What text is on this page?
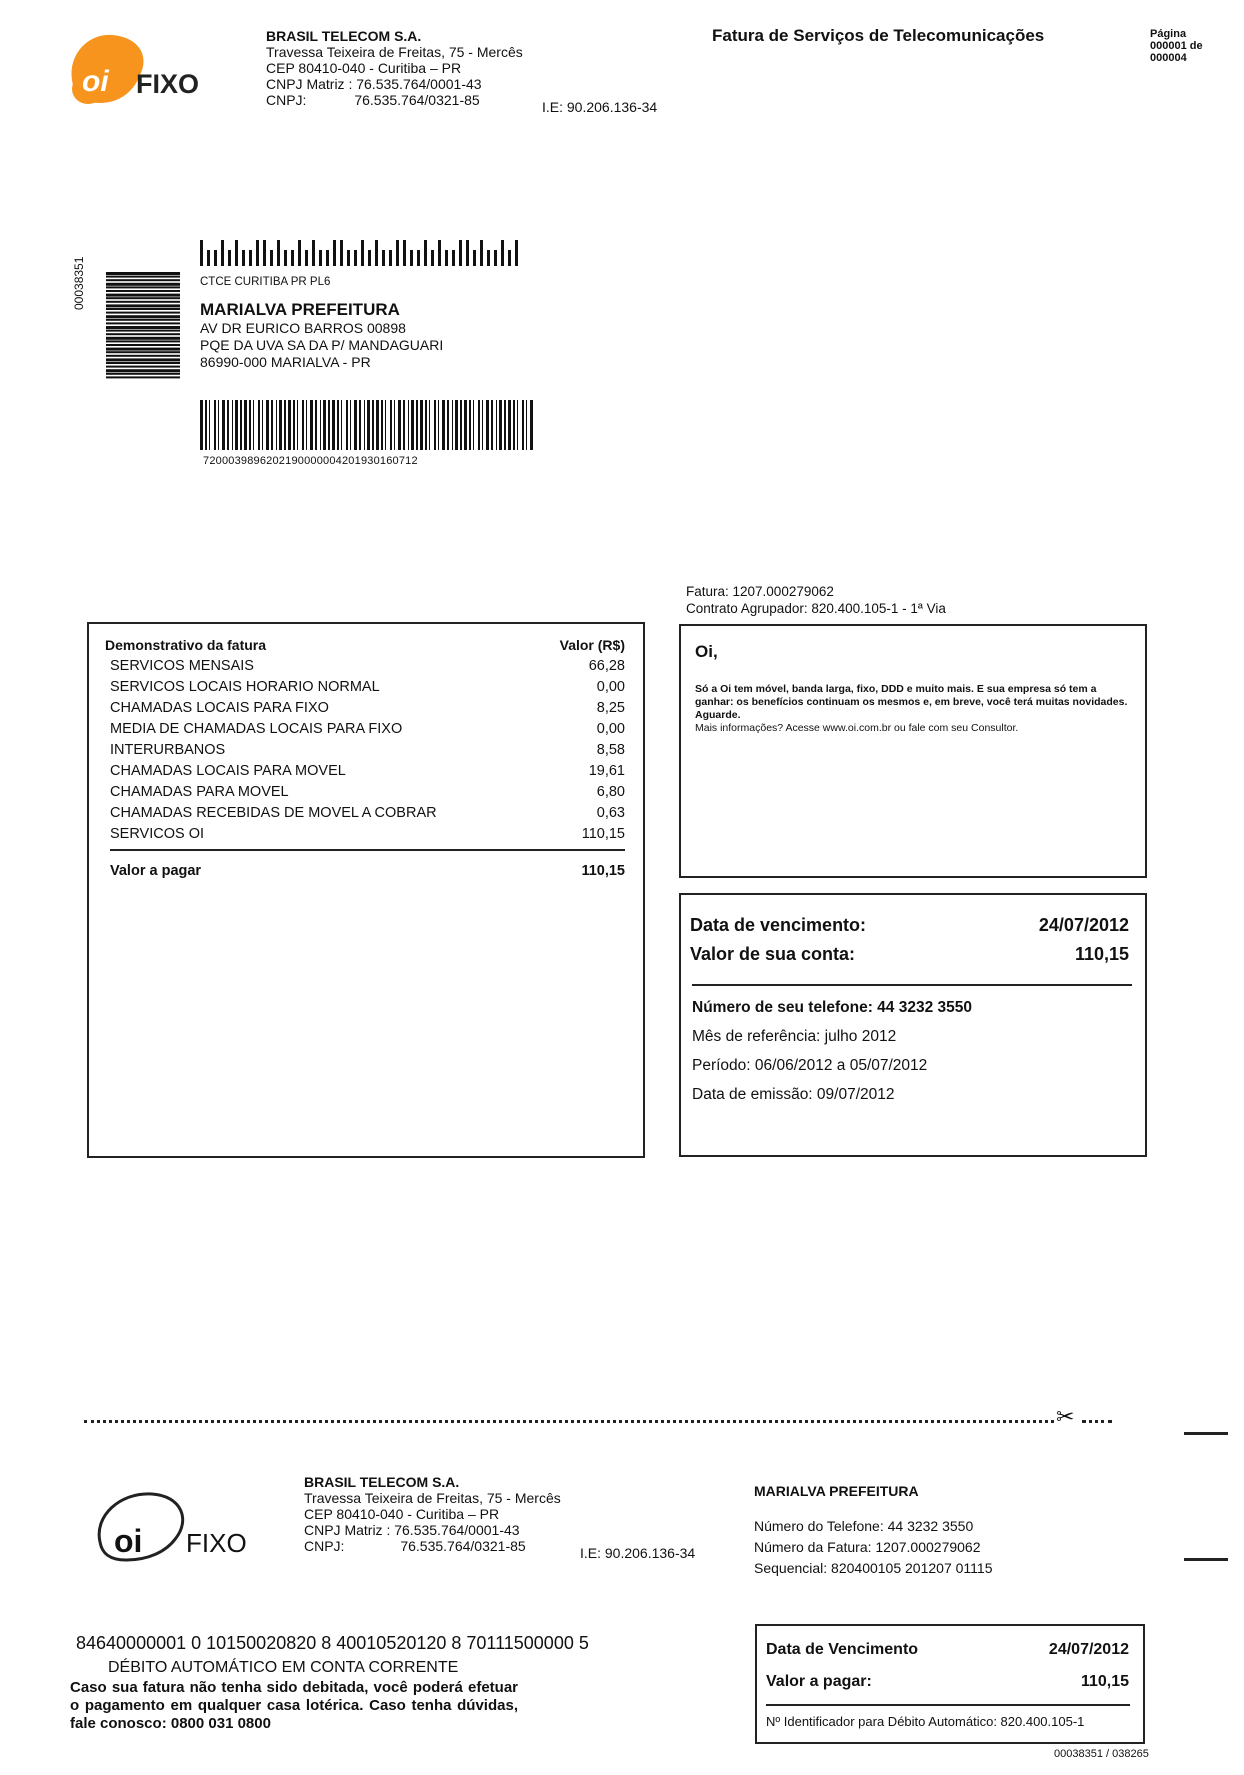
oi FIXO
BRASIL TELECOM S.A.
Travessa Teixeira de Freitas, 75 - Mercês
CEP 80410-040 - Curitiba – PR
CNPJ Matriz : 76.535.764/0001-43
CNPJ:	76.535.764/0321-85	I.E: 90.206.136-34
Fatura de Serviços de Telecomunicações	Página
000001 de
000004
00038351	CTCE CURITIBA PR PL6
MARIALVA PREFEITURA
AV DR EURICO BARROS 00898
PQE DA UVA SA DA P/ MANDAGUARI
86990-000 MARIALVA - PR
7200039896202190000004201930160712
Fatura: 1207.000279062
Contrato Agrupador: 820.400.105-1 - 1ª Via
Demonstrativo da fatura	Valor (R$)
SERVICOS MENSAIS	66,28
SERVICOS LOCAIS HORARIO NORMAL	0,00
CHAMADAS LOCAIS PARA FIXO	8,25
MEDIA DE CHAMADAS LOCAIS PARA FIXO	0,00
INTERURBANOS	8,58
CHAMADAS LOCAIS PARA MOVEL	19,61
CHAMADAS PARA MOVEL	6,80
CHAMADAS RECEBIDAS DE MOVEL A COBRAR	0,63
SERVICOS OI	110,15
Valor a pagar	110,15
Oi,
Só a Oi tem móvel, banda larga, fixo, DDD e muito mais. E sua empresa só tem a ganhar: os benefícios continuam os mesmos e, em breve, você terá muitas novidades. Aguarde.
Mais informações? Acesse www.oi.com.br ou fale com seu Consultor.
Data de vencimento:	24/07/2012
Valor de sua conta:	110,15
Número de seu telefone: 44 3232 3550
Mês de referência: julho 2012
Período: 06/06/2012 a 05/07/2012
Data de emissão: 09/07/2012
✂
oi FIXO
BRASIL TELECOM S.A.
Travessa Teixeira de Freitas, 75 - Mercês
CEP 80410-040 - Curitiba – PR
CNPJ Matriz : 76.535.764/0001-43
CNPJ:	76.535.764/0321-85	I.E: 90.206.136-34
MARIALVA PREFEITURA
Número do Telefone: 44 3232 3550
Número da Fatura: 1207.000279062
Sequencial: 820400105 201207 01115
84640000001 0 10150020820 8 40010520120 8 70111500000 5
DÉBITO AUTOMÁTICO EM CONTA CORRENTE
Caso sua fatura não tenha sido debitada, você poderá efetuar o pagamento em qualquer casa lotérica. Caso tenha dúvidas, fale conosco: 0800 031 0800
Data de Vencimento	24/07/2012
Valor a pagar:	110,15
Nº Identificador para Débito Automático: 820.400.105-1
00038351 / 038265
